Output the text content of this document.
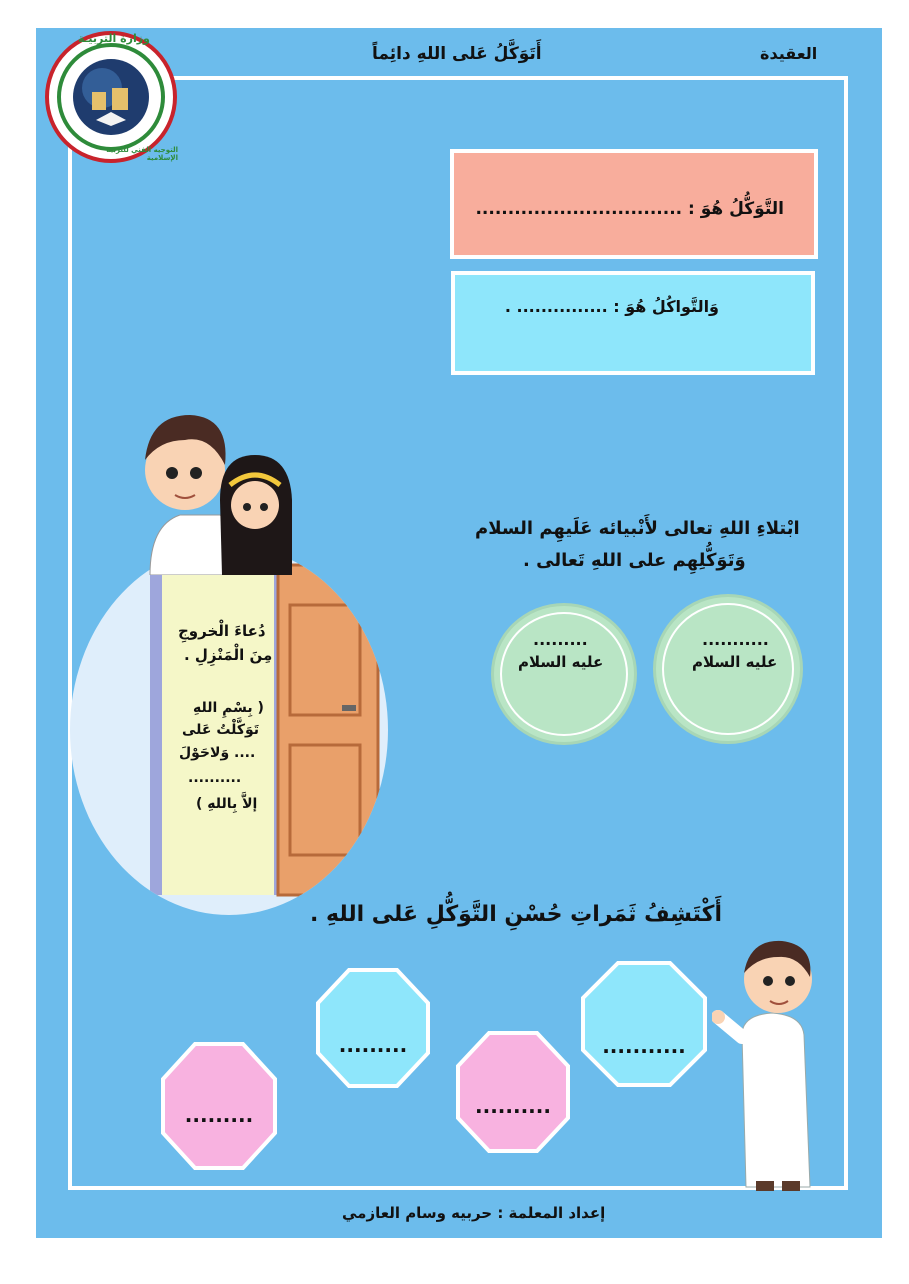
وزارة التربيـة
التوجيه الفني للتربية الإسلامية
أَتَوَكَّلُ عَلى اللهِ دائِماً	العقيدة
التَّوَكُّلُ هُوَ : ................................
وَالتَّواكُلُ هُوَ : ............... .
ابْتلاءِ اللهِ تعالى لأَنْبيائه عَلَيهِم السلام
وَتَوَكُّلِهِم على اللهِ تَعالى .
...........
عليه السلام
.........
عليه السلام
دُعاءَ الْخروجِ
مِنَ الْمَنْزِلِ .
( بِسْمِ اللهِ
تَوَكَّلْتُ عَلى
.... وَلاحَوْلَ
..........
إلاَّ بِاللهِ )
أَكْتَشِفُ ثَمَراتِ حُسْنِ التَّوَكُّلِ عَلى اللهِ .
...........
..........
.........
.........
إعداد المعلمة : حربيه وسام العازمي
